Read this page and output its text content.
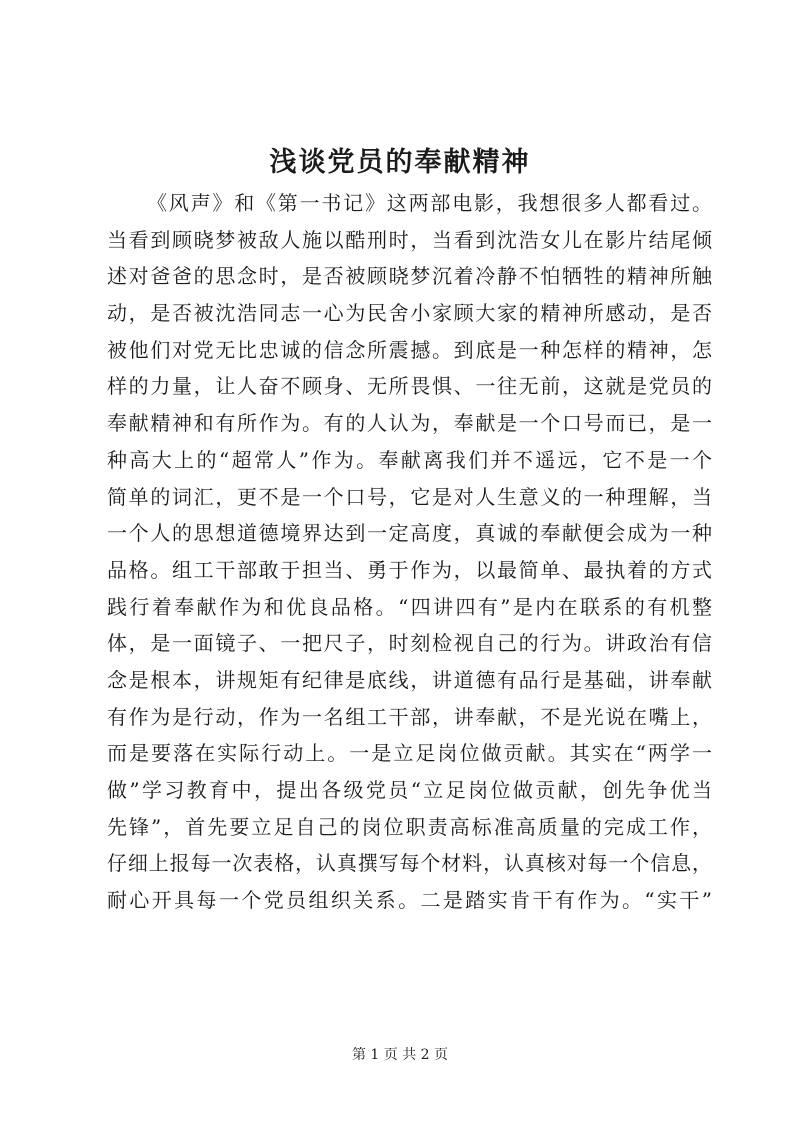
浅谈党员的奉献精神
《风声》和《第一书记》这两部电影，我想很多人都看过。
当看到顾晓梦被敌人施以酷刑时，当看到沈浩女儿在影片结尾倾
述对爸爸的思念时，是否被顾晓梦沉着冷静不怕牺牲的精神所触
动，是否被沈浩同志一心为民舍小家顾大家的精神所感动，是否
被他们对党无比忠诚的信念所震撼。到底是一种怎样的精神，怎
样的力量，让人奋不顾身、无所畏惧、一往无前，这就是党员的
奉献精神和有所作为。有的人认为，奉献是一个口号而已，是一
种高大上的“超常人”作为。奉献离我们并不遥远，它不是一个
简单的词汇，更不是一个口号，它是对人生意义的一种理解，当
一个人的思想道德境界达到一定高度，真诚的奉献便会成为一种
品格。组工干部敢于担当、勇于作为，以最简单、最执着的方式
践行着奉献作为和优良品格。“四讲四有”是内在联系的有机整
体，是一面镜子、一把尺子，时刻检视自己的行为。讲政治有信
念是根本，讲规矩有纪律是底线，讲道德有品行是基础，讲奉献
有作为是行动，作为一名组工干部，讲奉献，不是光说在嘴上，
而是要落在实际行动上。一是立足岗位做贡献。其实在“两学一
做”学习教育中，提出各级党员“立足岗位做贡献，创先争优当
先锋”，首先要立足自己的岗位职责高标准高质量的完成工作，
仔细上报每一次表格，认真撰写每个材料，认真核对每一个信息，
耐心开具每一个党员组织关系。二是踏实肯干有作为。“实干”
第 1 页 共 2 页
